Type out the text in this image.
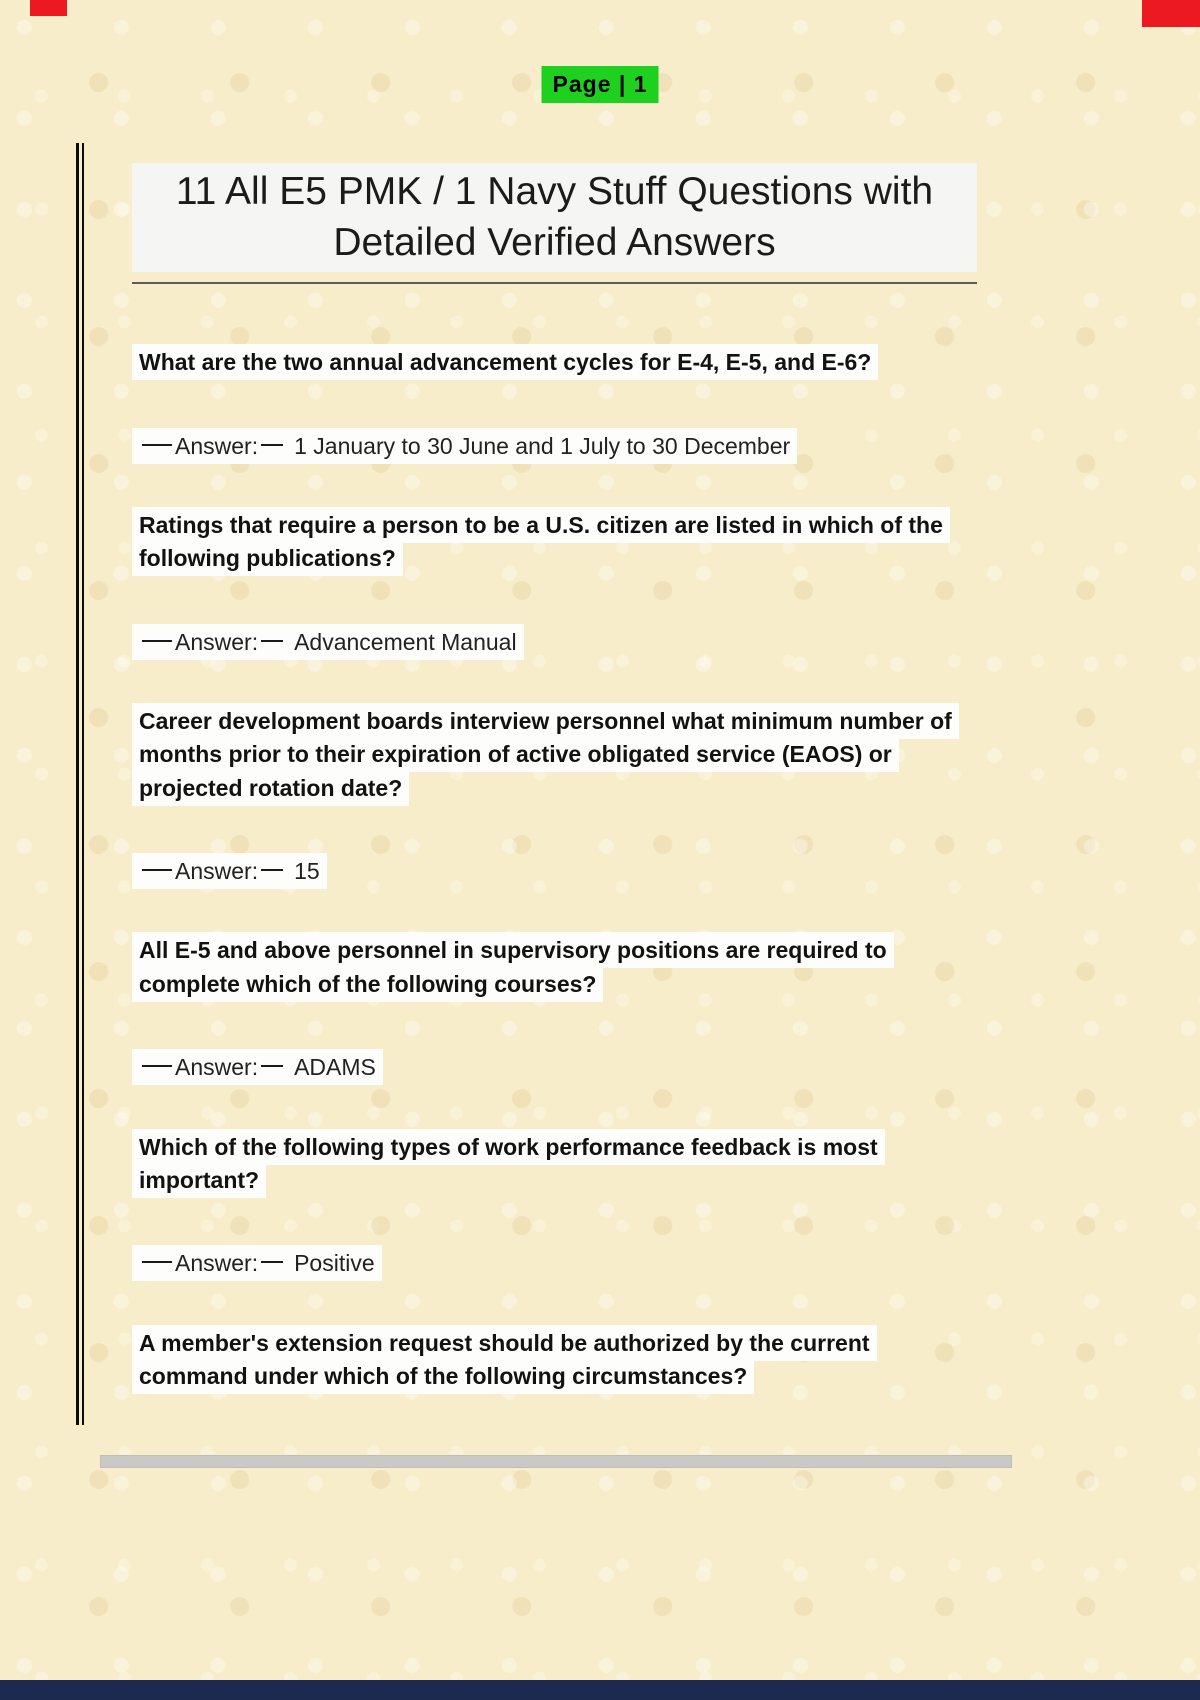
Page | 1
11 All E5 PMK / 1 Navy Stuff Questions with Detailed Verified Answers

What are the two annual advancement cycles for E-4, E-5, and E-6?

Answer: 1 January to 30 June and 1 July to 30 December

Ratings that require a person to be a U.S. citizen are listed in which of the following publications?

Answer: Advancement Manual

Career development boards interview personnel what minimum number of months prior to their expiration of active obligated service (EAOS) or projected rotation date?

Answer: 15

All E-5 and above personnel in supervisory positions are required to complete which of the following courses?

Answer: ADAMS

Which of the following types of work performance feedback is most important?

Answer: Positive

A member's extension request should be authorized by the current command under which of the following circumstances?
